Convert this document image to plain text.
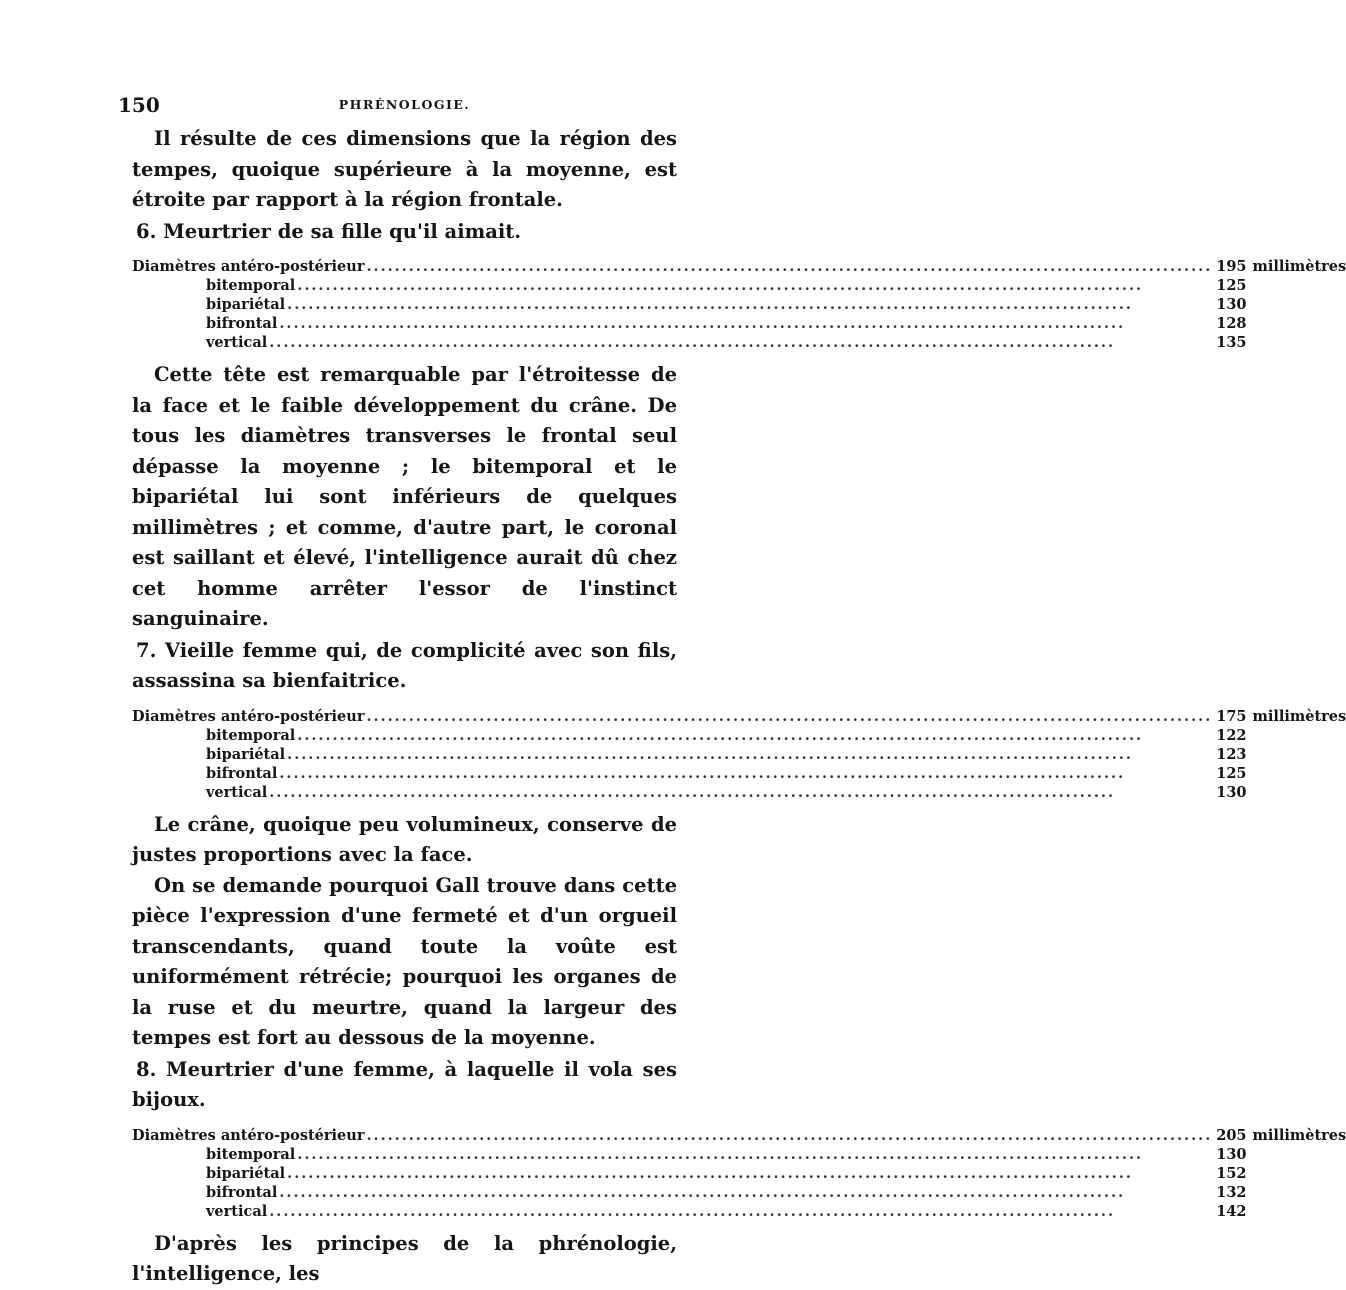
150	PHRÉNOLOGIE.

Il résulte de ces dimensions que la région des tempes, quoique supérieure à la moyenne, est étroite par rapport à la région frontale.

6. Meurtrier de sa fille qu'il aimait.

Diamètres antéro-postérieur ........................................................................................................................	195	millimètres

bitemporal ........................................................................................................................	125	

bipariétal ........................................................................................................................	130	

bifrontal ........................................................................................................................	128	

vertical ........................................................................................................................	135	

Cette tête est remarquable par l'étroitesse de la face et le faible développement du crâne. De tous les diamètres transverses le frontal seul dépasse la moyenne ; le bitemporal et le bipariétal lui sont inférieurs de quelques millimètres ; et comme, d'autre part, le coronal est saillant et élevé, l'intelligence aurait dû chez cet homme arrêter l'essor de l'instinct sanguinaire.

7. Vieille femme qui, de complicité avec son fils, assassina sa bienfaitrice.

Diamètres antéro-postérieur ........................................................................................................................	175	millimètres

bitemporal ........................................................................................................................	122	

bipariétal ........................................................................................................................	123	

bifrontal ........................................................................................................................	125	

vertical ........................................................................................................................	130	

Le crâne, quoique peu volumineux, conserve de justes proportions avec la face.

On se demande pourquoi Gall trouve dans cette pièce l'expression d'une fermeté et d'un orgueil transcendants, quand toute la voûte est uniformément rétrécie; pourquoi les organes de la ruse et du meurtre, quand la largeur des tempes est fort au dessous de la moyenne.

8. Meurtrier d'une femme, à laquelle il vola ses bijoux.

Diamètres antéro-postérieur ........................................................................................................................	205	millimètres

bitemporal ........................................................................................................................	130	

bipariétal ........................................................................................................................	152	

bifrontal ........................................................................................................................	132	

vertical ........................................................................................................................	142	

D'après les principes de la phrénologie, l'intelligence, les
